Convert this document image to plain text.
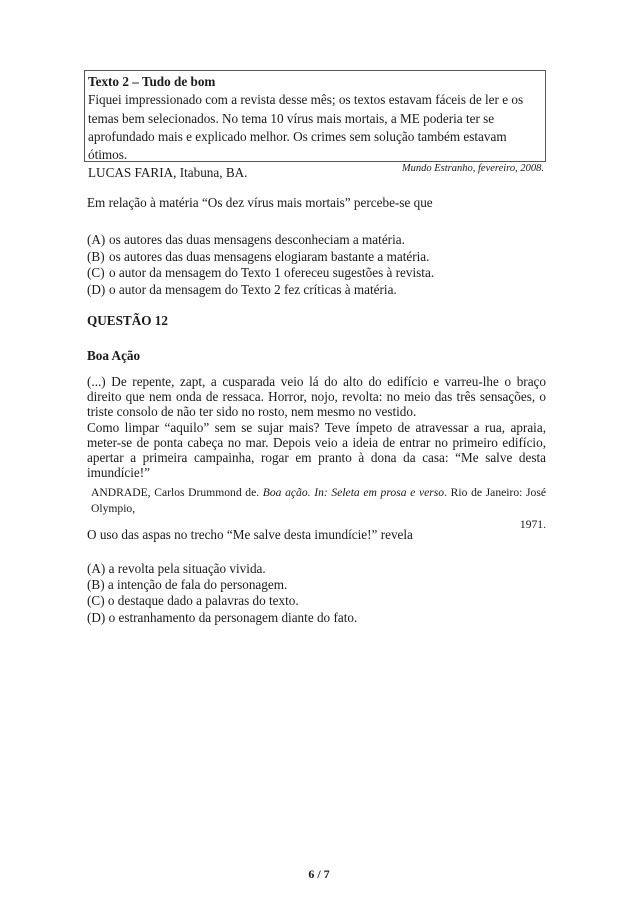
Texto 2 – Tudo de bom
Fiquei impressionado com a revista desse mês; os textos estavam fáceis de ler e os
temas bem selecionados. No tema 10 vírus mais mortais, a ME poderia ter se
aprofundado mais e explicado melhor. Os crimes sem solução também estavam ótimos.
LUCAS FARIA, Itabuna, BA.	Mundo Estranho, fevereiro, 2008.
Em relação à matéria “Os dez vírus mais mortais” percebe-se que
(A) os autores das duas mensagens desconheciam a matéria.
(B) os autores das duas mensagens elogiaram bastante a matéria.
(C) o autor da mensagem do Texto 1 ofereceu sugestões à revista.
(D) o autor da mensagem do Texto 2 fez críticas à matéria.
QUESTÃO 12
Boa Ação

(...) De repente, zapt, a cusparada veio lá do alto do edifício e varreu-lhe o braço direito que nem onda de ressaca. Horror, nojo, revolta: no meio das três sensações, o triste consolo de não ter sido no rosto, nem mesmo no vestido.

Como limpar “aquilo” sem se sujar mais? Teve ímpeto de atravessar a rua, apraia, meter-se de ponta cabeça no mar. Depois veio a ideia de entrar no primeiro edifício, apertar a primeira campainha, rogar em pranto à dona da casa: “Me salve desta imundície!”

ANDRADE, Carlos Drummond de. Boa ação. In: Seleta em prosa e verso. Rio de Janeiro: José Olympio,
1971.
O uso das aspas no trecho “Me salve desta imundície!” revela
(A) a revolta pela situação vivida.
(B) a intenção de fala do personagem.
(C) o destaque dado a palavras do texto.
(D) o estranhamento da personagem diante do fato.
6 / 7
